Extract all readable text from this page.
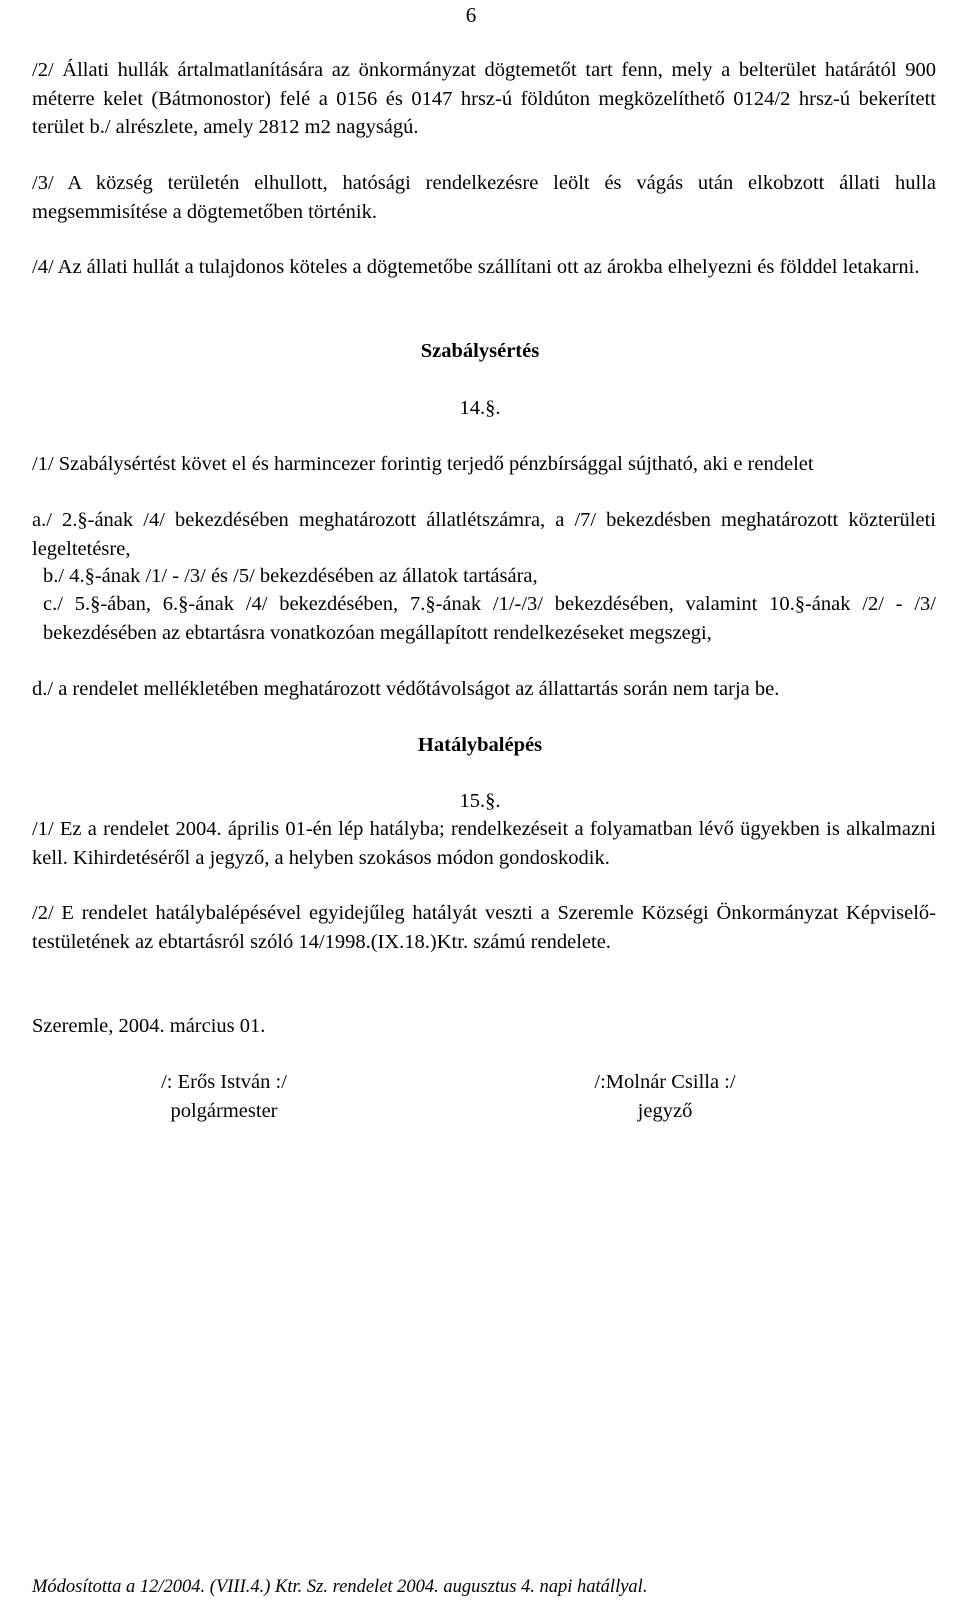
6
/2/ Állati hullák ártalmatlanítására az önkormányzat dögtemetőt tart fenn, mely a belterület határától 900 méterre kelet (Bátmonostor) felé a 0156 és 0147 hrsz-ú földúton megközelíthető 0124/2 hrsz-ú bekerített terület b./ alrészlete, amely 2812 m2 nagyságú.
/3/ A község területén elhullott, hatósági rendelkezésre leölt és vágás után elkobzott állati hulla megsemmisítése a dögtemetőben történik.
/4/ Az állati hullát a tulajdonos köteles a dögtemetőbe szállítani ott az árokba elhelyezni és földdel letakarni.
Szabálysértés
14.§.
/1/ Szabálysértést követ el és harmincezer forintig terjedő pénzbírsággal sújtható, aki e rendelet
a./ 2.§-ának /4/ bekezdésében meghatározott állatlétszámra, a /7/ bekezdésben meghatározott közterületi legeltetésre,
b./ 4.§-ának /1/ - /3/ és /5/ bekezdésében az állatok tartására,
c./ 5.§-ában, 6.§-ának /4/ bekezdésében, 7.§-ának /1/-/3/ bekezdésében, valamint 10.§-ának /2/ - /3/ bekezdésében az ebtartásra vonatkozóan megállapított rendelkezéseket megszegi,
d./ a rendelet mellékletében meghatározott védőtávolságot az állattartás során nem tarja be.
Hatálybalépés
15.§.
/1/ Ez a rendelet 2004. április 01-én lép hatályba; rendelkezéseit a folyamatban lévő ügyekben is alkalmazni kell. Kihirdetéséről a jegyző, a helyben szokásos módon gondoskodik.
/2/ E rendelet hatálybalépésével egyidejűleg hatályát veszti a Szeremle Községi Önkormányzat Képviselő-testületének az ebtartásról szóló 14/1998.(IX.18.)Ktr. számú rendelete.
Szeremle, 2004. március 01.
/: Erős István :/
polgármester
/:Molnár Csilla :/
jegyző
Módosította a 12/2004. (VIII.4.) Ktr. Sz. rendelet 2004. augusztus 4. napi hatállyal.
